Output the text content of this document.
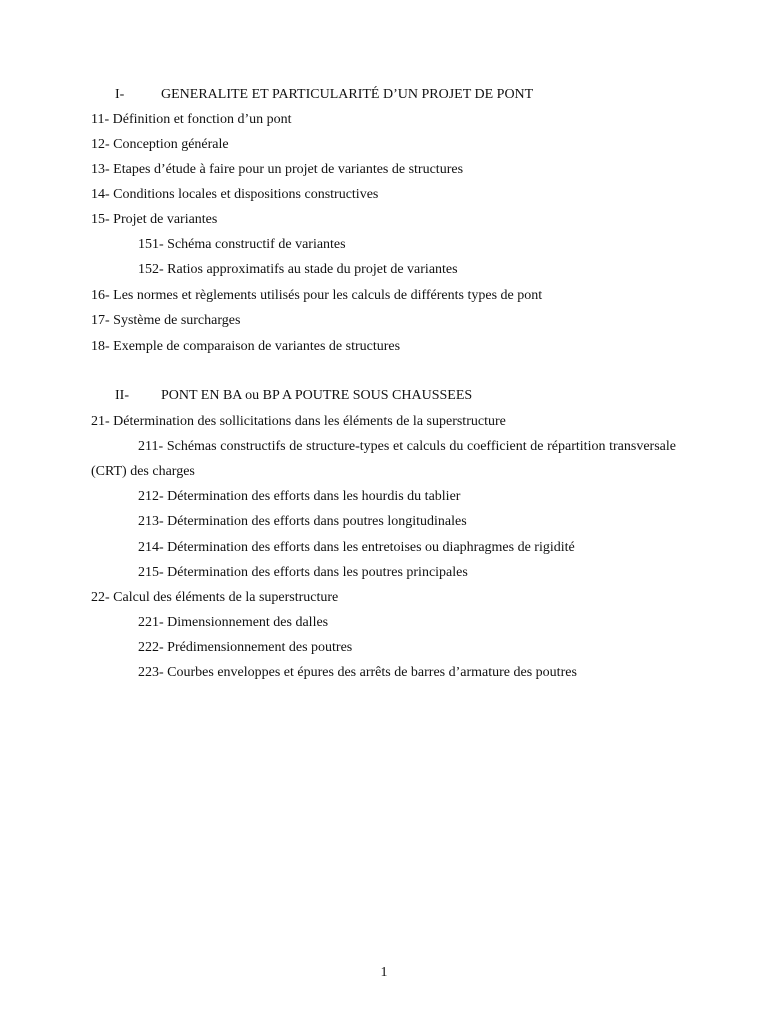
I-	GENERALITE ET PARTICULARITÉ D’UN PROJET DE PONT
11- Définition et fonction d’un pont
12- Conception générale
13- Etapes d’étude à faire pour un projet de variantes de structures
14- Conditions locales et dispositions constructives
15- Projet de variantes
151- Schéma constructif de variantes
152- Ratios approximatifs au stade du projet de variantes
16- Les normes et règlements utilisés pour les calculs de différents types de pont
17- Système de surcharges
18- Exemple de comparaison de variantes de structures
II- PONT EN BA ou BP A POUTRE SOUS CHAUSSEES
21- Détermination des sollicitations dans les éléments de la superstructure
211- Schémas constructifs de structure-types et calculs du coefficient de répartition transversale (CRT) des charges
212- Détermination des efforts dans les hourdis du tablier
213- Détermination des efforts dans poutres longitudinales
214- Détermination des efforts dans les entretoises ou diaphragmes de rigidité
215- Détermination des efforts dans les poutres principales
22- Calcul des éléments de la superstructure
221- Dimensionnement des dalles
222- Prédimensionnement des poutres
223- Courbes enveloppes et épures des arrêts de barres d’armature des poutres
1
